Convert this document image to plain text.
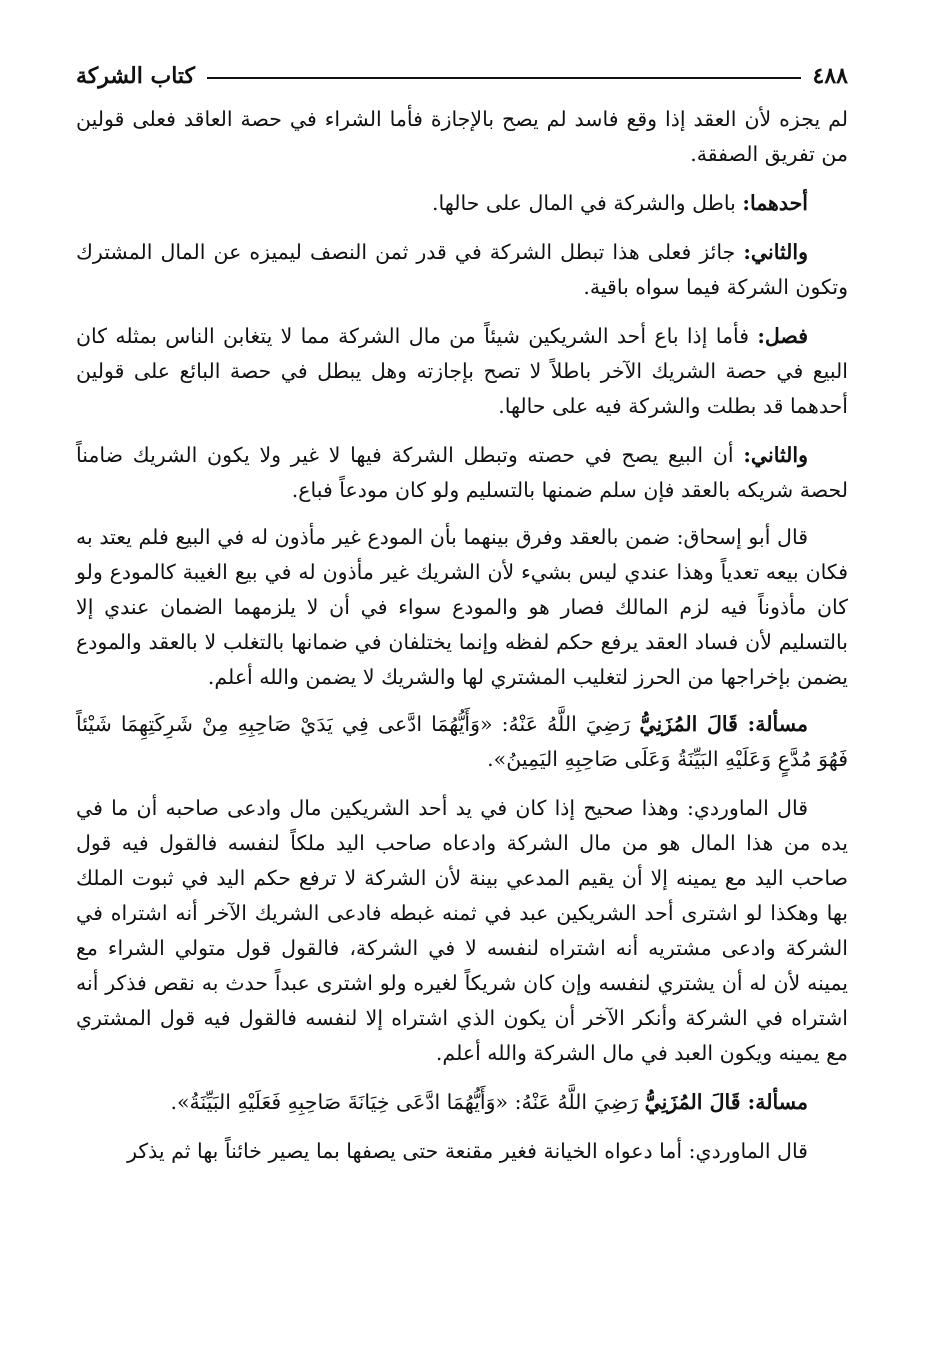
٤٨٨
كتاب الشركة

لم يجزه لأن العقد إذا وقع فاسد لم يصح بالإجازة فأما الشراء في حصة العاقد فعلى قولين من تفريق الصفقة.

أحدهما: باطل والشركة في المال على حالها.

والثاني: جائز فعلى هذا تبطل الشركة في قدر ثمن النصف ليميزه عن المال المشترك وتكون الشركة فيما سواه باقية.

فصل: فأما إذا باع أحد الشريكين شيئاً من مال الشركة مما لا يتغابن الناس بمثله كان البيع في حصة الشريك الآخر باطلاً لا تصح بإجازته وهل يبطل في حصة البائع على قولين أحدهما قد بطلت والشركة فيه على حالها.

والثاني: أن البيع يصح في حصته وتبطل الشركة فيها لا غير ولا يكون الشريك ضامناً لحصة شريكه بالعقد فإن سلم ضمنها بالتسليم ولو كان مودعاً فباع.

قال أبو إسحاق: ضمن بالعقد وفرق بينهما بأن المودع غير مأذون له في البيع فلم يعتد به فكان بيعه تعدياً وهذا عندي ليس بشيء لأن الشريك غير مأذون له في بيع الغيبة كالمودع ولو كان مأذوناً فيه لزم المالك فصار هو والمودع سواء في أن لا يلزمهما الضمان عندي إلا بالتسليم لأن فساد العقد يرفع حكم لفظه وإنما يختلفان في ضمانها بالتغلب لا بالعقد والمودع يضمن بإخراجها من الحرز لتغليب المشتري لها والشريك لا يضمن والله أعلم.

مسألة: قَالَ المُزَنِيُّ رَضِيَ اللَّهُ عَنْهُ: «وَأَيُّهُمَا ادَّعى فِي يَدَيْ صَاحِبِهِ مِنْ شَرِكَتِهِمَا شَيْئاً فَهُوَ مُدَّعٍ وَعَلَيْهِ البَيِّنَةُ وَعَلَى صَاحِبِهِ اليَمِينُ».

قال الماوردي: وهذا صحيح إذا كان في يد أحد الشريكين مال وادعى صاحبه أن ما في يده من هذا المال هو من مال الشركة وادعاه صاحب اليد ملكاً لنفسه فالقول فيه قول صاحب اليد مع يمينه إلا أن يقيم المدعي بينة لأن الشركة لا ترفع حكم اليد في ثبوت الملك بها وهكذا لو اشترى أحد الشريكين عبد في ثمنه غبطه فادعى الشريك الآخر أنه اشتراه في الشركة وادعى مشتريه أنه اشتراه لنفسه لا في الشركة، فالقول قول متولي الشراء مع يمينه لأن له أن يشتري لنفسه وإن كان شريكاً لغيره ولو اشترى عبداً حدث به نقص فذكر أنه اشتراه في الشركة وأنكر الآخر أن يكون الذي اشتراه إلا لنفسه فالقول فيه قول المشتري مع يمينه ويكون العبد في مال الشركة والله أعلم.

مسألة: قَالَ المُزَنِيُّ رَضِيَ اللَّهُ عَنْهُ: «وَأَيُّهُمَا ادَّعَى خِيَانَةَ صَاحِبِهِ فَعَلَيْهِ البَيِّنَةُ».

قال الماوردي: أما دعواه الخيانة فغير مقنعة حتى يصفها بما يصير خائناً بها ثم يذكر
